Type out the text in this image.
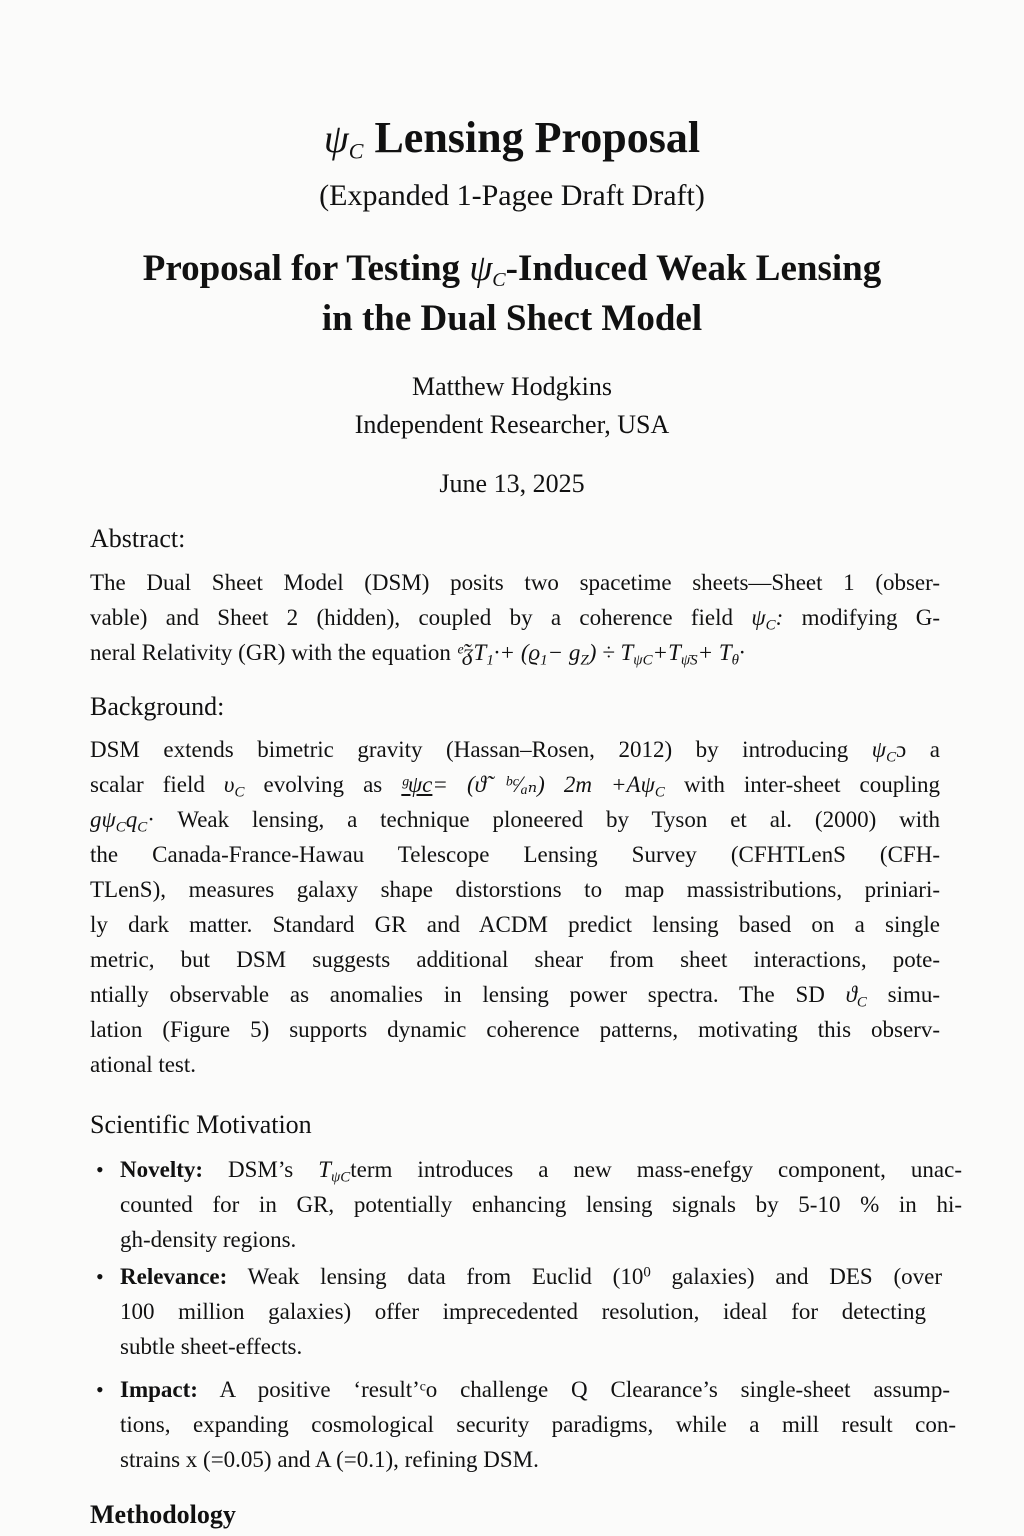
$\psi_C$ Lensing Proposal
(Expanded 1-Pagee Draft Draft)
Proposal for Testing $\psi_C$-Induced Weak Lensing
in the Dual Shect Model
Matthew Hodgkins
Independent Researcher, USA
June 13, 2025
Abstract:
The Dual Sheet Model (DSM) posits two spacetime sheets—Sheet 1 (obser-
vable) and Sheet 2 (hidden), coupled by a coherence field $\psi_C$: modifying G-
neral Relativity (GR) with the equation ᵉ̃ᵹT$_1$·+ $(ϱ_1- g_Z) \div T_{\psi C}+T_{\psīS}+ T_\theta\cdot$
Background:
DSM extends bimetric gravity (Hassan–Rosen, 2012) by introducing $\psi_Cɔ$ a
scalar field $\upsilon_C$ evolving as ᵍψc= (ϑ̃ ᵇᶜ⁄ₐₙ) $2m +A\psi_C$ with inter-sheet coupling
$g\psi_Cq_C\cdot$ Weak lensing, a technique ploneered by Tyson et al. (2000) with
the Canada-France-Hawau Telescope Lensing Survey (CFHTLenS (CFH-
TLenS), measures galaxy shape distorstions to map massistributions, priniari-
ly dark matter. Standard GR and ACDM predict lensing based on a single
metric, but DSM suggests additional shear from sheet interactions, pote-
ntially observable as anomalies in lensing power spectra. The SD $ϑ_C$ simu-
lation (Figure 5) supports dynamic coherence patterns, motivating this observ-
ational test.
Scientific Motivation
• Novelty: DSM’s $T_{\psi C}term$ introduces a new mass-enefgy component, unac-
counted for in GR, potentially enhancing lensing signals by 5-10 % in hi-
gh-density regions.
• Relevance: Weak lensing data from Euclid ($10^0$ galaxies) and DES (over
100 million galaxies) offer imprecedented resolution, ideal for detecting
subtle sheet-effects.
• Impact: A positive ‘result’ᶜo challenge Q Clearance’s single-sheet assump-
tions, expanding cosmological security paradigms, while a mill result con-
strains x (=0.05) and A (=0.1), refining DSM.
Methodology
